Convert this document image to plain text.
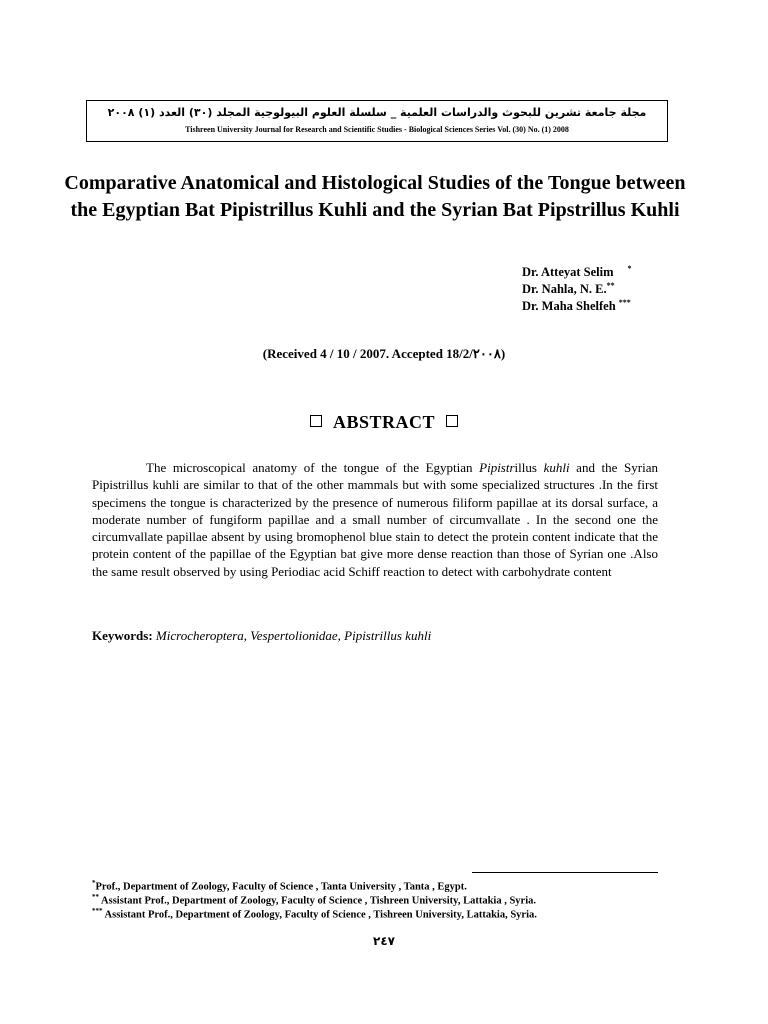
مجلة جامعة تشرين للبحوث والدراسات العلمية _ سلسلة العلوم البيولوجية المجلد (٣٠) العدد (١) ٢٠٠٨
Tishreen University Journal for Research and Scientific Studies - Biological Sciences Series Vol. (30) No. (1) 2008
Comparative Anatomical and Histological Studies of the Tongue between the Egyptian Bat Pipistrillus Kuhli and the Syrian Bat Pipstrillus Kuhli
Dr. Atteyat Selim *
Dr. Nahla, N. E.**
Dr. Maha Shelfeh ***
(Received 4 / 10 / 2007. Accepted 18/2/٢٠٠٨)
ABSTRACT

The microscopical anatomy of the tongue of the Egyptian Pipistrillus kuhli and the Syrian Pipistrillus kuhli are similar to that of the other mammals but with some specialized structures .In the first specimens the tongue is characterized by the presence of numerous filiform papillae at its dorsal surface, a moderate number of fungiform papillae and a small number of circumvallate . In the second one the circumvallate papillae absent by using bromophenol blue stain to detect the protein content indicate that the protein content of the papillae of the Egyptian bat give more dense reaction than those of Syrian one .Also the same result observed by using Periodiac acid Schiff reaction to detect with carbohydrate content

Keywords: Microcheroptera, Vespertolionidae, Pipistrillus kuhli
*Prof., Department of Zoology, Faculty of Science , Tanta University , Tanta , Egypt.
** Assistant Prof., Department of Zoology, Faculty of Science , Tishreen University, Lattakia , Syria.
*** Assistant Prof., Department of Zoology, Faculty of Science , Tishreen University, Lattakia, Syria.
٢٤٧
